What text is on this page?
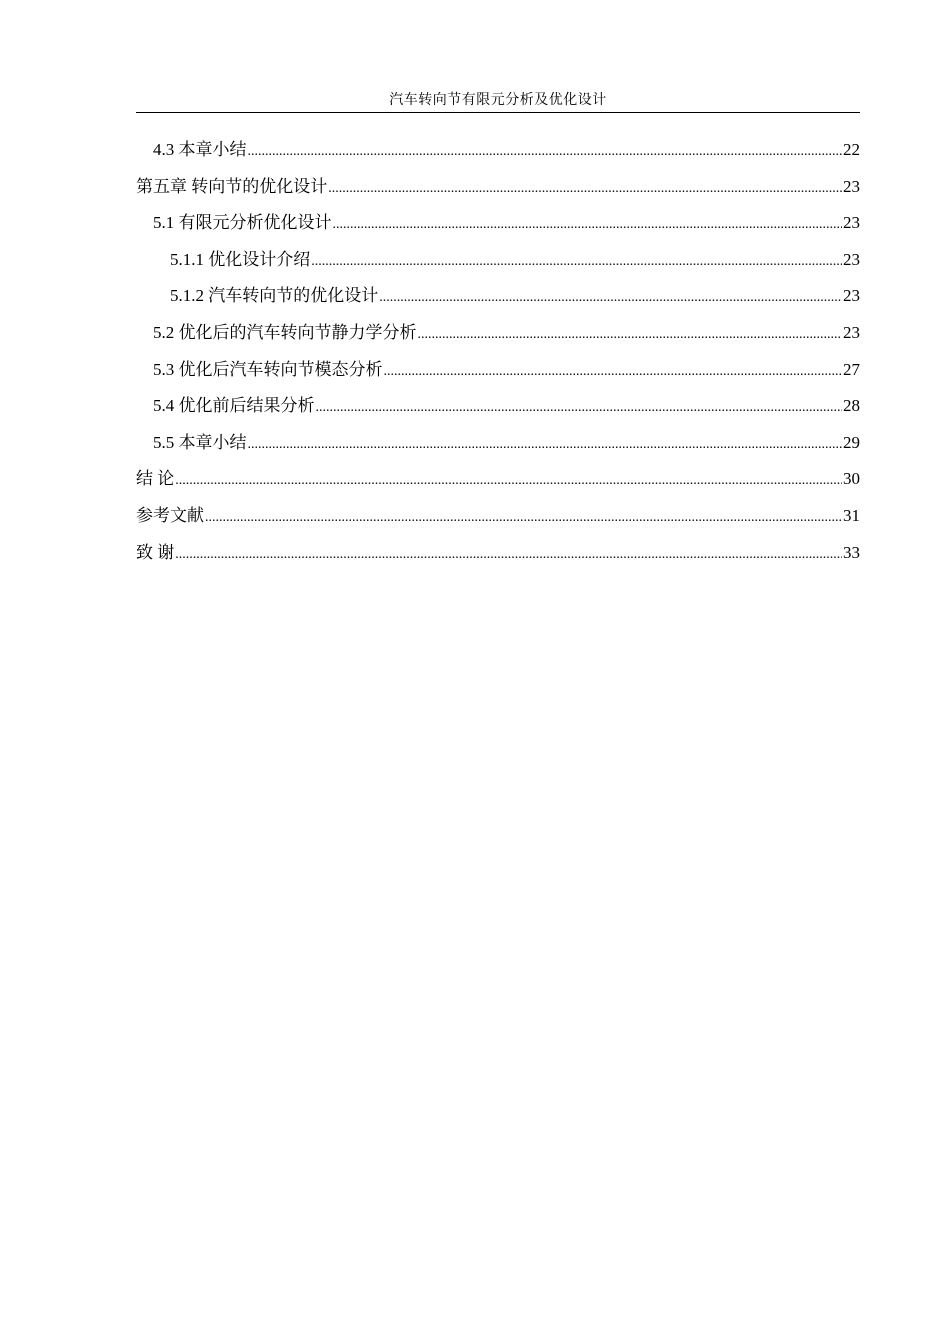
汽车转向节有限元分析及优化设计
4.3 本章小结 .....	22
第五章 转向节的优化设计 .....	23
5.1 有限元分析优化设计 .....	23
5.1.1 优化设计介绍 .....	23
5.1.2 汽车转向节的优化设计 .....	23
5.2 优化后的汽车转向节静力学分析 .....	23
5.3 优化后汽车转向节模态分析 .....	27
5.4 优化前后结果分析 .....	28
5.5 本章小结 .....	29
结 论 .....	30
参考文献 .....	31
致 谢 .....	33
